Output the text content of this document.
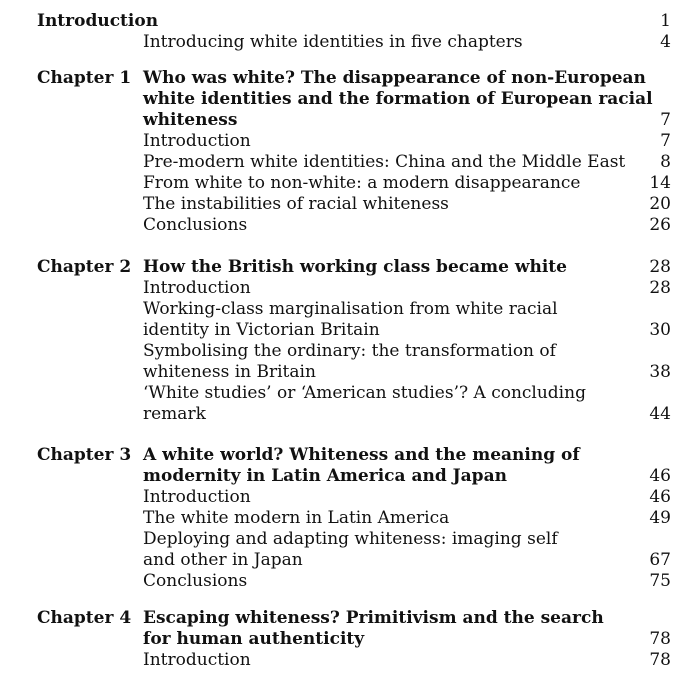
Introduction	1
Introducing white identities in five chapters	4
Chapter 1 Who was white? The disappearance of non-European
white identities and the formation of European racial
whiteness	7
Introduction	7
Pre-modern white identities: China and the Middle East 8
From white to non-white: a modern disappearance	14
The instabilities of racial whiteness	20
Conclusions	26
Chapter 2 How the British working class became white	28
Introduction	28
Working-class marginalisation from white racial
identity in Victorian Britain	30
Symbolising the ordinary: the transformation of
whiteness in Britain	38
‘White studies’ or ‘American studies’? A concluding
remark	44
Chapter 3 A white world? Whiteness and the meaning of
modernity in Latin America and Japan	46
Introduction	46
The white modern in Latin America	49
Deploying and adapting whiteness: imaging self
and other in Japan	67
Conclusions	75
Chapter 4 Escaping whiteness? Primitivism and the search
for human authenticity	78
Introduction	78
